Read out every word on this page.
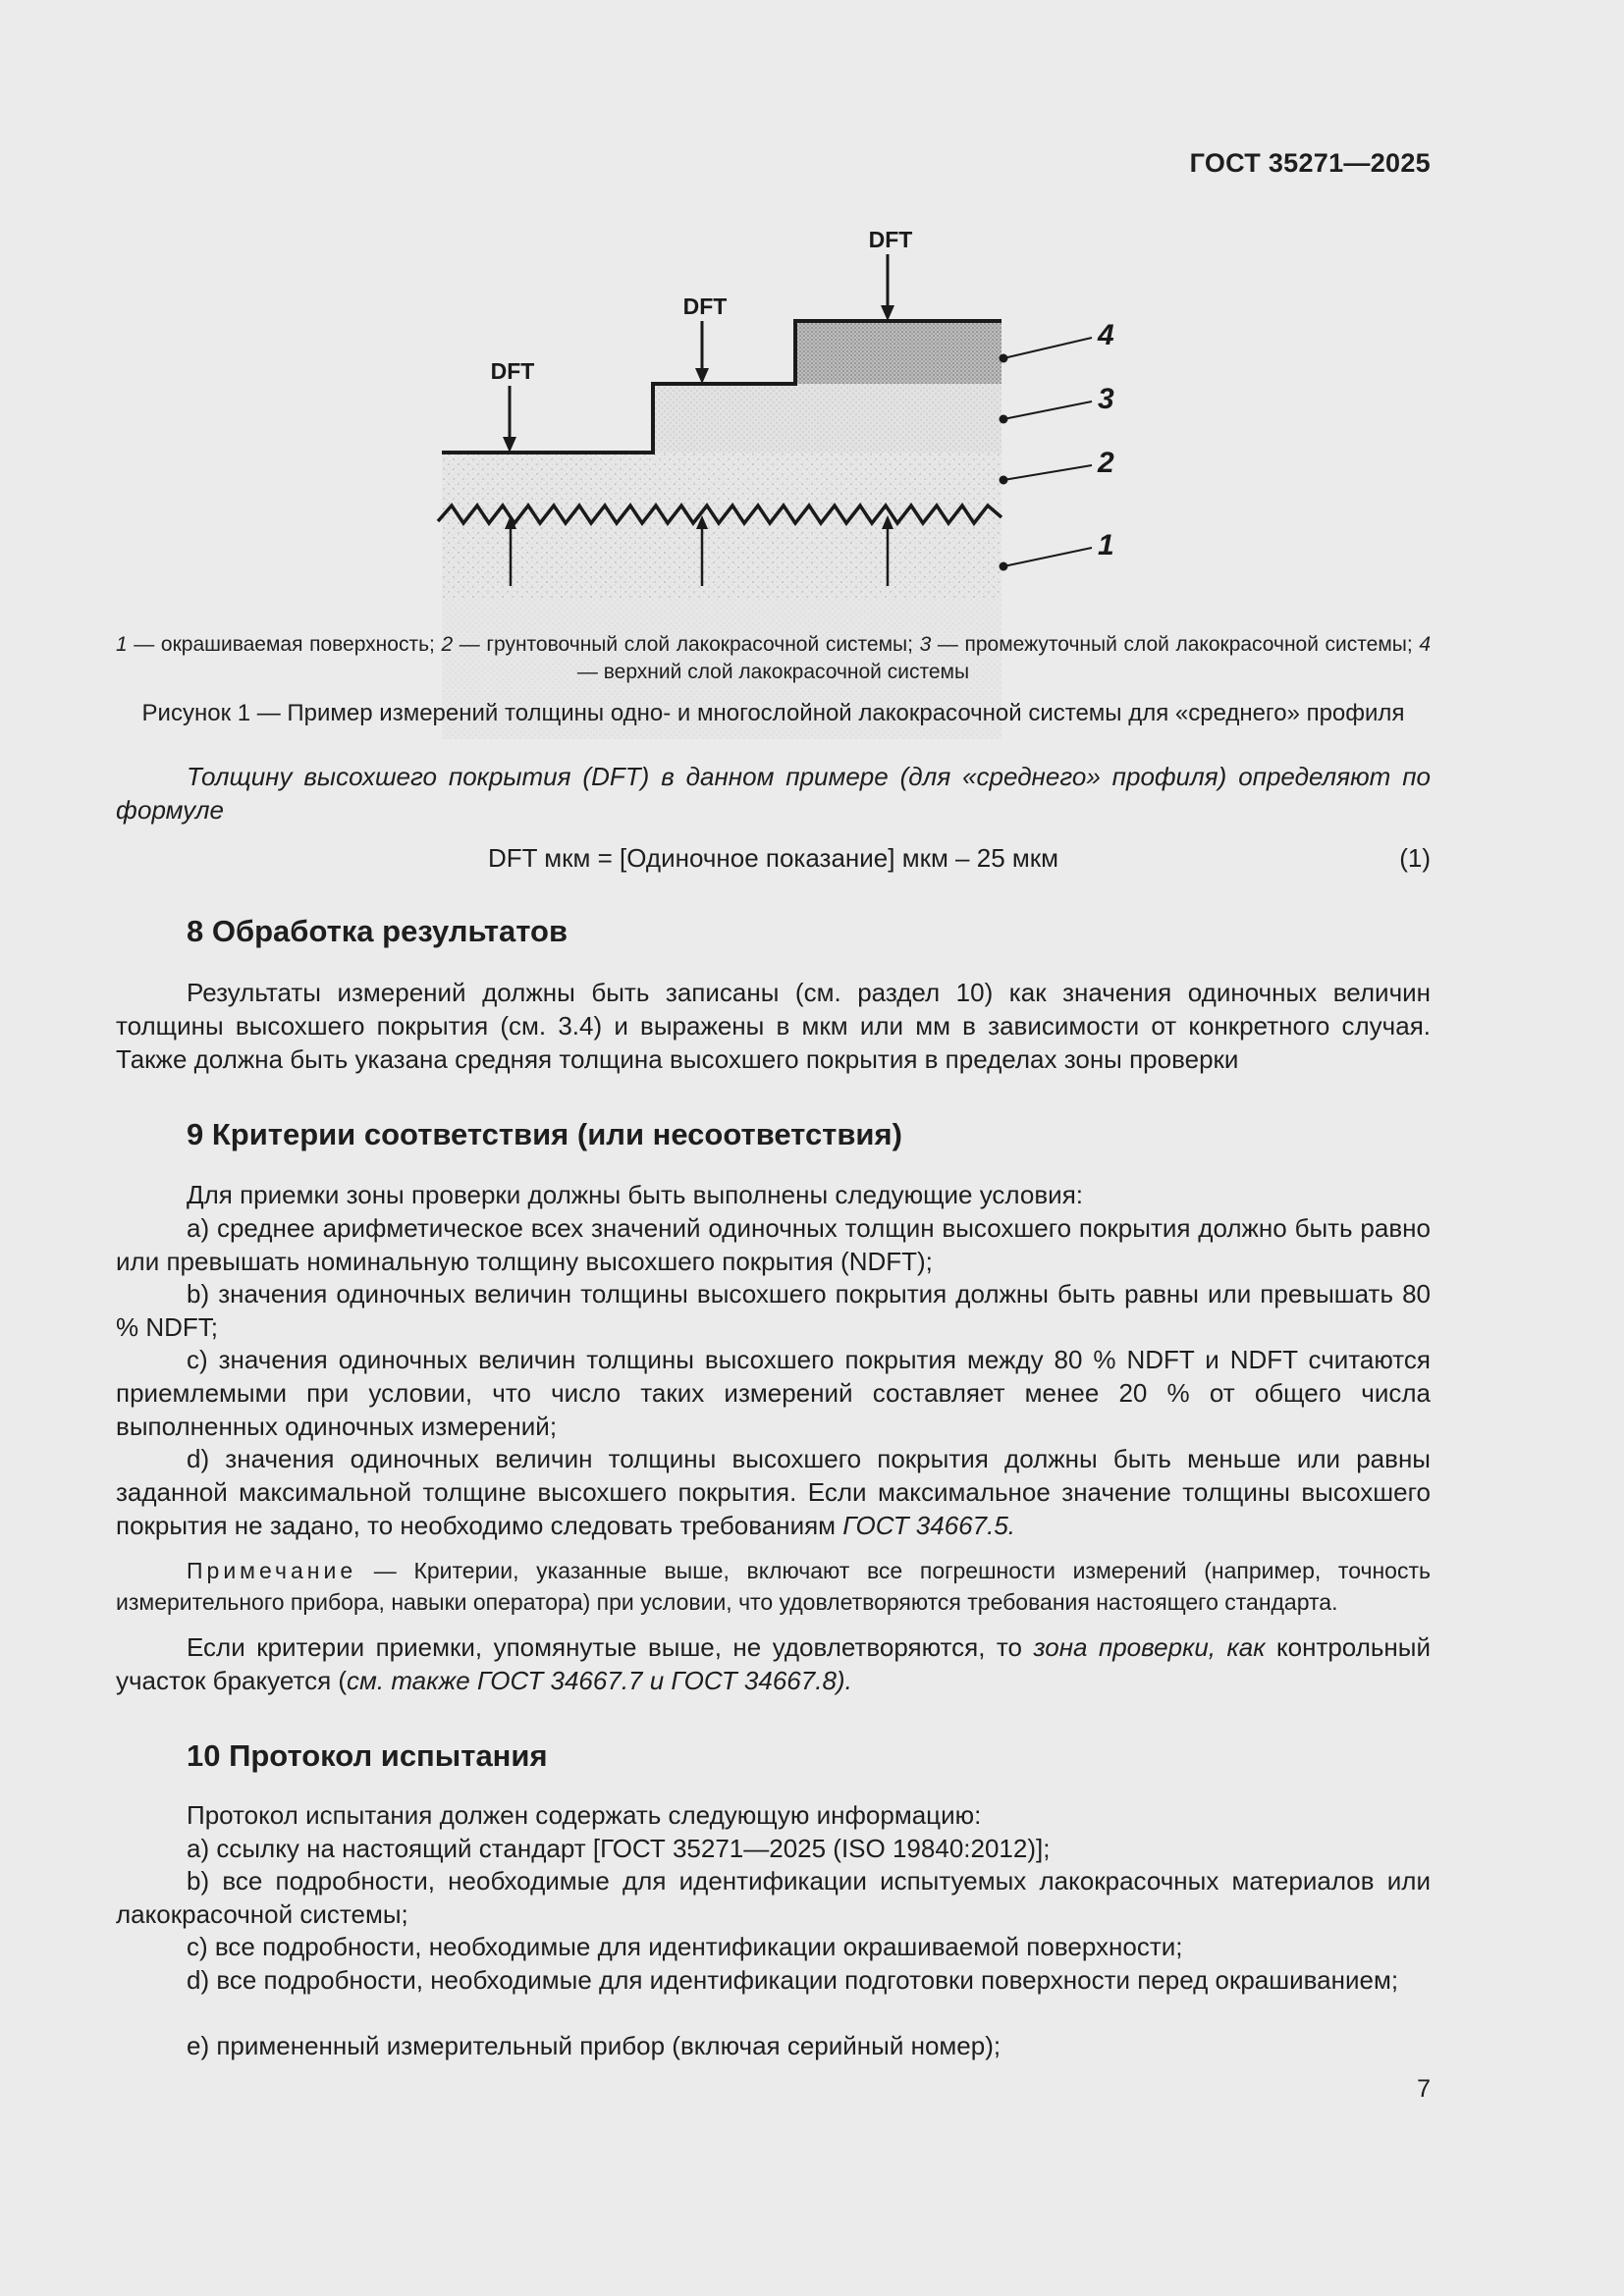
ГОСТ 35271—2025
DFT
DFT
DFT
4
3
2
1
1 — окрашиваемая поверхность; 2 — грунтовочный слой лакокрасочной системы; 3 — промежуточный слой лакокрасочной системы; 4 — верхний слой лакокрасочной системы
Рисунок 1 — Пример измерений толщины одно- и многослойной лакокрасочной системы для «среднего» профиля
Толщину высохшего покрытия (DFT) в данном примере (для «среднего» профиля) определяют по формуле
DFT мкм = [Одиночное показание] мкм – 25 мкм	(1)
8 Обработка результатов
Результаты измерений должны быть записаны (см. раздел 10) как значения одиночных величин толщины высохшего покрытия (см. 3.4) и выражены в мкм или мм в зависимости от конкретного случая. Также должна быть указана средняя толщина высохшего покрытия в пределах зоны проверки
9 Критерии соответствия (или несоответствия)
Для приемки зоны проверки должны быть выполнены следующие условия:
a) среднее арифметическое всех значений одиночных толщин высохшего покрытия должно быть равно или превышать номинальную толщину высохшего покрытия (NDFT);
b) значения одиночных величин толщины высохшего покрытия должны быть равны или превышать 80 % NDFT;
c) значения одиночных величин толщины высохшего покрытия между 80 % NDFT и NDFT считаются приемлемыми при условии, что число таких измерений составляет менее 20 % от общего числа выполненных одиночных измерений;
d) значения одиночных величин толщины высохшего покрытия должны быть меньше или равны заданной максимальной толщине высохшего покрытия. Если максимальное значение толщины высохшего покрытия не задано, то необходимо следовать требованиям ГОСТ 34667.5.
Примечание — Критерии, указанные выше, включают все погрешности измерений (например, точность измерительного прибора, навыки оператора) при условии, что удовлетворяются требования настоящего стандарта.
Если критерии приемки, упомянутые выше, не удовлетворяются, то зона проверки, как контрольный участок бракуется (см. также ГОСТ 34667.7 и ГОСТ 34667.8).
10 Протокол испытания
Протокол испытания должен содержать следующую информацию:
a) ссылку на настоящий стандарт [ГОСТ 35271—2025 (ISO 19840:2012)];
b) все подробности, необходимые для идентификации испытуемых лакокрасочных материалов или лакокрасочной системы;
c) все подробности, необходимые для идентификации окрашиваемой поверхности;
d) все подробности, необходимые для идентификации подготовки поверхности перед окрашиванием;
e) примененный измерительный прибор (включая серийный номер);
7
